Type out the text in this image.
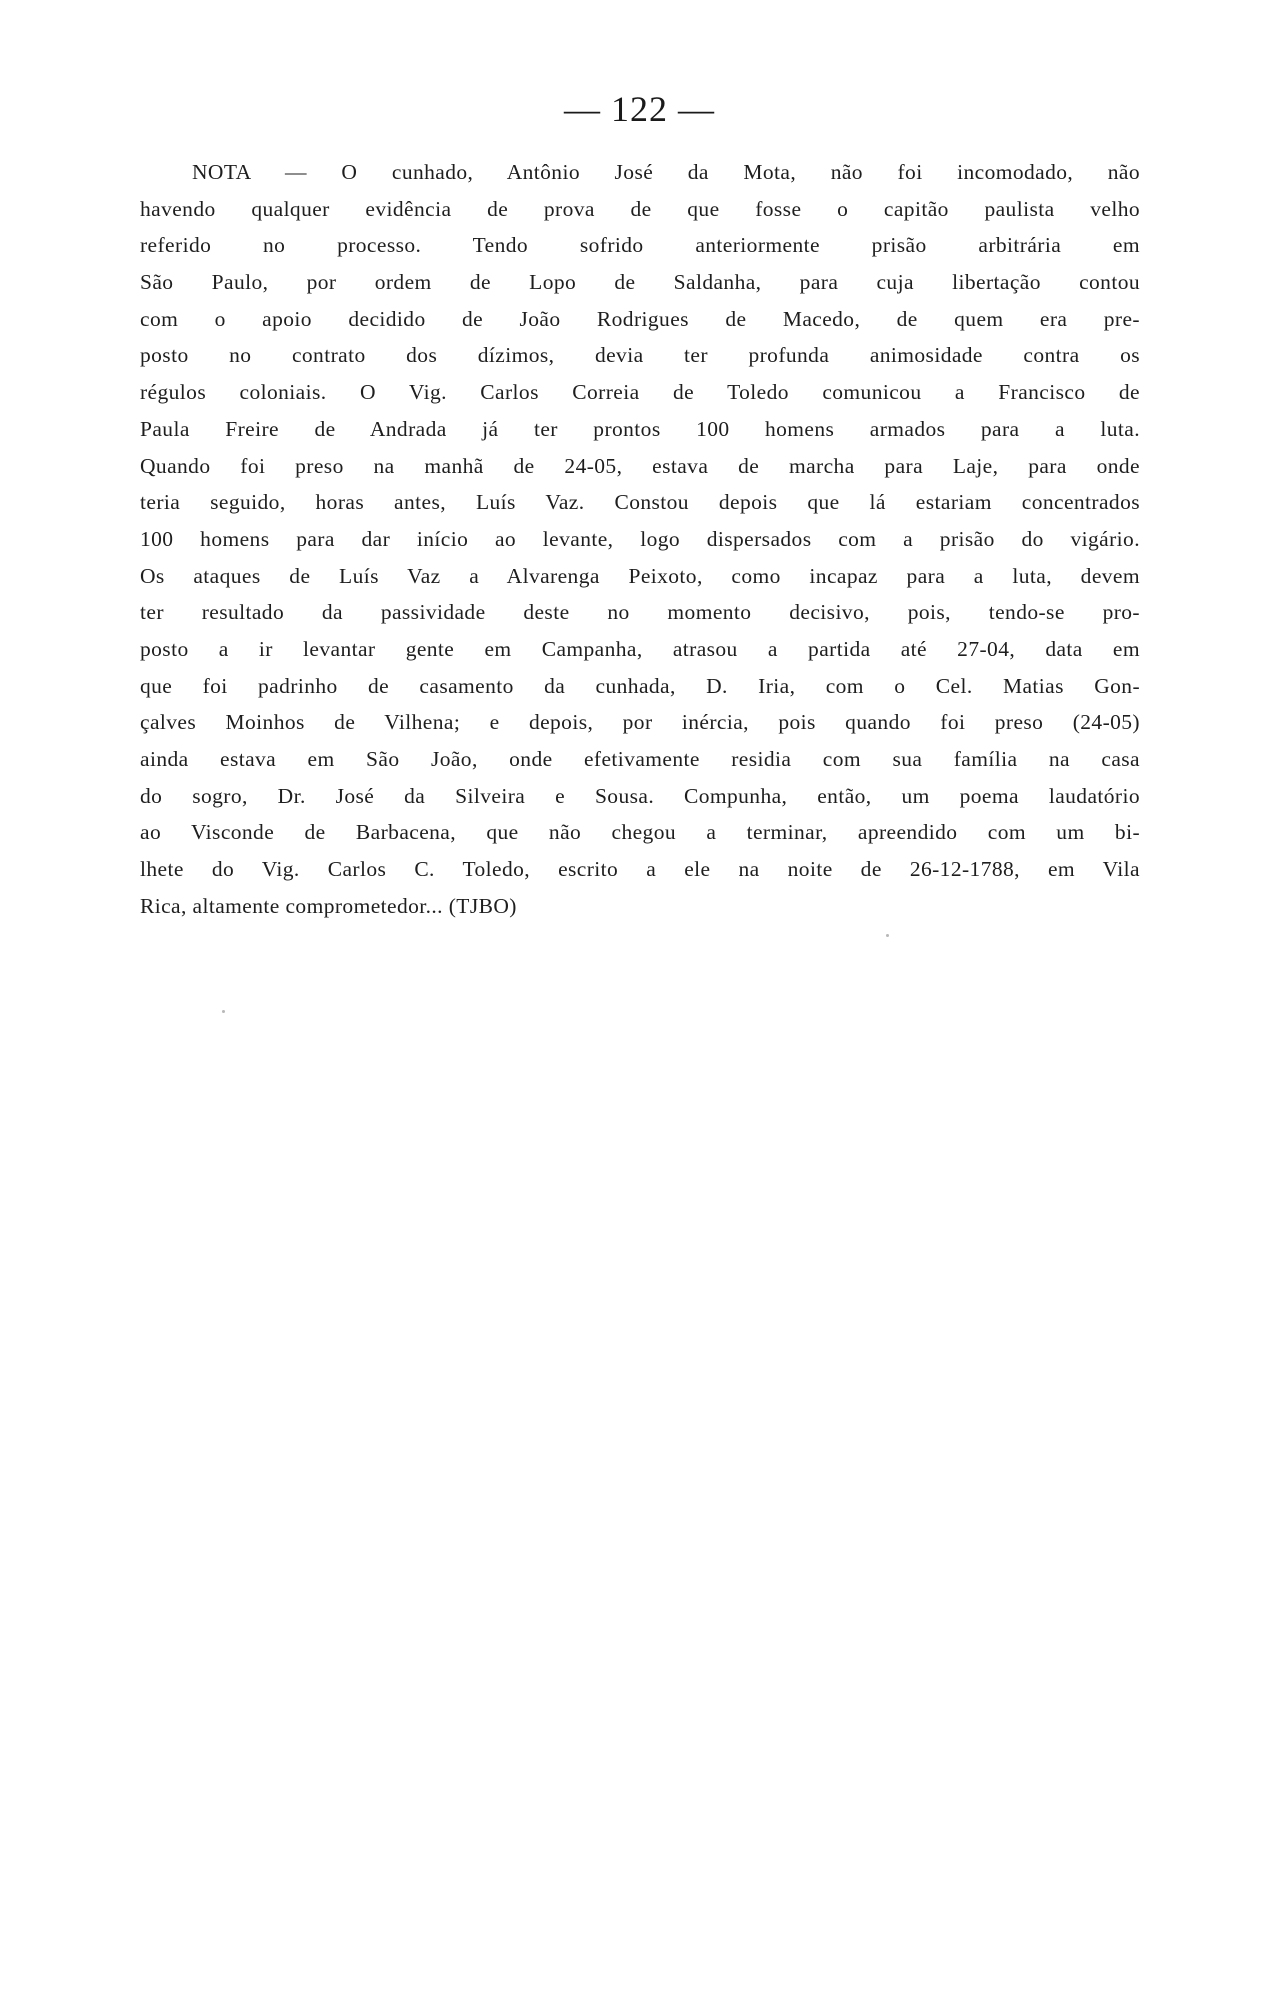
— 122 —
NOTA — O cunhado, Antônio José da Mota, não foi incomodado, não
havendo qualquer evidência de prova de que fosse o capitão paulista velho
referido no processo. Tendo sofrido anteriormente prisão arbitrária em
São Paulo, por ordem de Lopo de Saldanha, para cuja libertação contou
com o apoio decidido de João Rodrigues de Macedo, de quem era pre-
posto no contrato dos dízimos, devia ter profunda animosidade contra os
régulos coloniais. O Vig. Carlos Correia de Toledo comunicou a Francisco de
Paula Freire de Andrada já ter prontos 100 homens armados para a luta.
Quando foi preso na manhã de 24-05, estava de marcha para Laje, para onde
teria seguido, horas antes, Luís Vaz. Constou depois que lá estariam concentrados
100 homens para dar início ao levante, logo dispersados com a prisão do vigário.
Os ataques de Luís Vaz a Alvarenga Peixoto, como incapaz para a luta, devem
ter resultado da passividade deste no momento decisivo, pois, tendo-se pro-
posto a ir levantar gente em Campanha, atrasou a partida até 27-04, data em
que foi padrinho de casamento da cunhada, D. Iria, com o Cel. Matias Gon-
çalves Moinhos de Vilhena; e depois, por inércia, pois quando foi preso (24-05)
ainda estava em São João, onde efetivamente residia com sua família na casa
do sogro, Dr. José da Silveira e Sousa. Compunha, então, um poema laudatório
ao Visconde de Barbacena, que não chegou a terminar, apreendido com um bi-
lhete do Vig. Carlos C. Toledo, escrito a ele na noite de 26-12-1788, em Vila
Rica, altamente comprometedor... (TJBO)
